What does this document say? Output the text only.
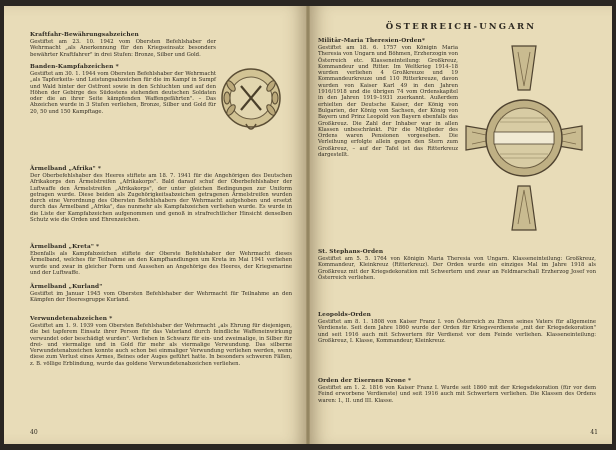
Kraftfahr-Bewährungsabzeichen
Gestiftet am 23. 10. 1942 vom Obersten Befehlshaber der Wehrmacht „als Anerkennung für den Kriegseinsatz besonders bewährter Kraftfahrer" in drei Stufen: Bronze, Silber und Gold.
Banden-Kampfabzeichen *
Gestiftet am 30. 1. 1944 vom Obersten Befehlshaber der Wehrmacht „als Tapferkeits- und Leistungsabzeichen für die im Kampf in Sumpf und Wald hinter der Ostfront sowie in den Schluchten und auf den Höhen der Gebirge des Südostens stehenden deutschen Soldaten oder die an ihrer Seite kämpfenden Waffengefährten". – Das Abzeichen wurde in 3 Stufen verliehen, Bronze, Silber und Gold für 20, 50 und 150 Kampftage.
Ärmelband „Afrika" *
Der Oberbefehlshaber des Heeres stiftete am 18. 7. 1941 für die Angehörigen des Deutschen Afrikakorps den Ärmelstreifen „Afrikakorps". Bald darauf schuf der Oberbefehlshaber der Luftwaffe den Ärmelstreifen „Afrikakorps", der unter gleichen Bedingungen zur Uniform getragen wurde. Diese beiden als Zugehörigkeitsabzeichen getragenen Ärmelstreifen wurden durch eine Verordnung des Obersten Befehlshabers der Wehrmacht aufgehoben und ersetzt durch das Ärmelband „Afrika", das nunmehr als Kampfabzeichen verliehen wurde. Es wurde in die Liste der Kampfabzeichen aufgenommen und genoß in strafrechtlicher Hinsicht denselben Schutz wie die Orden und Ehrenzeichen.
Ärmelband „Kreta" *
Ebenfalls als Kampfabzeichen stiftete der Oberste Befehlshaber der Wehrmacht dieses Ärmelband, welches für Teilnahme an den Kampfhandlungen um Kreta im Mai 1941 verliehen wurde und zwar in gleicher Form und Aussehen an Angehörige des Heeres, der Kriegsmarine und der Luftwaffe.
Ärmelband „Kurland"
Gestiftet im Januar 1945 vom Obersten Befehlshaber der Wehrmacht für Teilnahme an den Kämpfen der Heeresgruppe Kurland.
Verwundetenabzeichen *
Gestiftet am 1. 9. 1939 vom Obersten Befehlshaber der Wehrmacht „als Ehrung für diejenigen, die bei tapferem Einsatz ihrer Person für das Vaterland durch feindliche Waffeneinwirkung verwundet oder beschädigt wurden". Verliehen in Schwarz für ein- und zweimalige, in Silber für drei- und viermalige und in Gold für mehr als viermalige Verwundung. Das silberne Verwundetenabzeichen konnte auch schon bei einmaliger Verwundung verliehen werden, wenn diese zum Verlust eines Armes, Beines oder Auges geführt hatte. In besonders schweren Fällen, z. B. völlige Erblindung, wurde das goldene Verwundetenabzeichen verliehen.
40
ÖSTERREICH-UNGARN
Militär-Maria Theresien-Orden*
Gestiftet am 18. 6. 1757 von Königin Maria Theresia von Ungarn und Böhmen, Erzherzogin von Österreich etc. Klasseneinteilung: Großkreuz, Kommandeur und Ritter. Im Weltkrieg 1914–18 wurden verliehen 4 Großkreuze und 19 Kommandeurkreuze und 110 Ritterkreuze, davon wurden von Kaiser Karl 49 in den Jahren 1916/1918 und die übrigen 74 vom Ordenskapitel in den Jahren 1919–1931 zuerkannt. Außerdem erhielten der Deutsche Kaiser, der König von Bulgarien, der König von Sachsen, der König von Bayern und Prinz Leopold von Bayern ebenfalls das Großkreuz. Die Zahl der Inhaber war in allen Klassen unbeschränkt. Für die Mitglieder des Ordens waren Pensionen vorgesehen. Die Verleihung erfolgte allein gegen den Stern zum Großkreuz, – auf der Tafel ist das Ritterkreuz dargestellt.
St. Stephans-Orden
Gestiftet am 5. 5. 1764 von Königin Maria Theresia von Ungarn. Klasseneinteilung: Großkreuz, Kommandeur, Kleinkreuz (Ritterkreuz). Der Orden wurde ein einziges Mal im Jahre 1918 als Großkreuz mit der Kriegsdekoration mit Schwertern und zwar an Feldmarschall Erzherzog Josef von Österreich verliehen.
Leopolds-Orden
Gestiftet am 8. 1. 1808 von Kaiser Franz I. von Österreich zu Ehren seines Vaters für allgemeine Verdienste. Seit dem Jahre 1860 wurde der Orden für Kriegsverdienste „mit der Kriegsdekoration" und seit 1916 auch mit Schwertern für Verdienst vor dem Feinde verliehen. Klasseneinteilung: Großkreuz, I. Klasse, Kommandeur, Kleinkreuz.
Orden der Eisernen Krone *
Gestiftet am 1. 2. 1816 von Kaiser Franz I. Wurde seit 1860 mit der Kriegsdekoration (für vor dem Feind erworbene Verdienste) und seit 1916 auch mit Schwertern verliehen. Die Klassen des Ordens waren: I., II. und III. Klasse.
41
